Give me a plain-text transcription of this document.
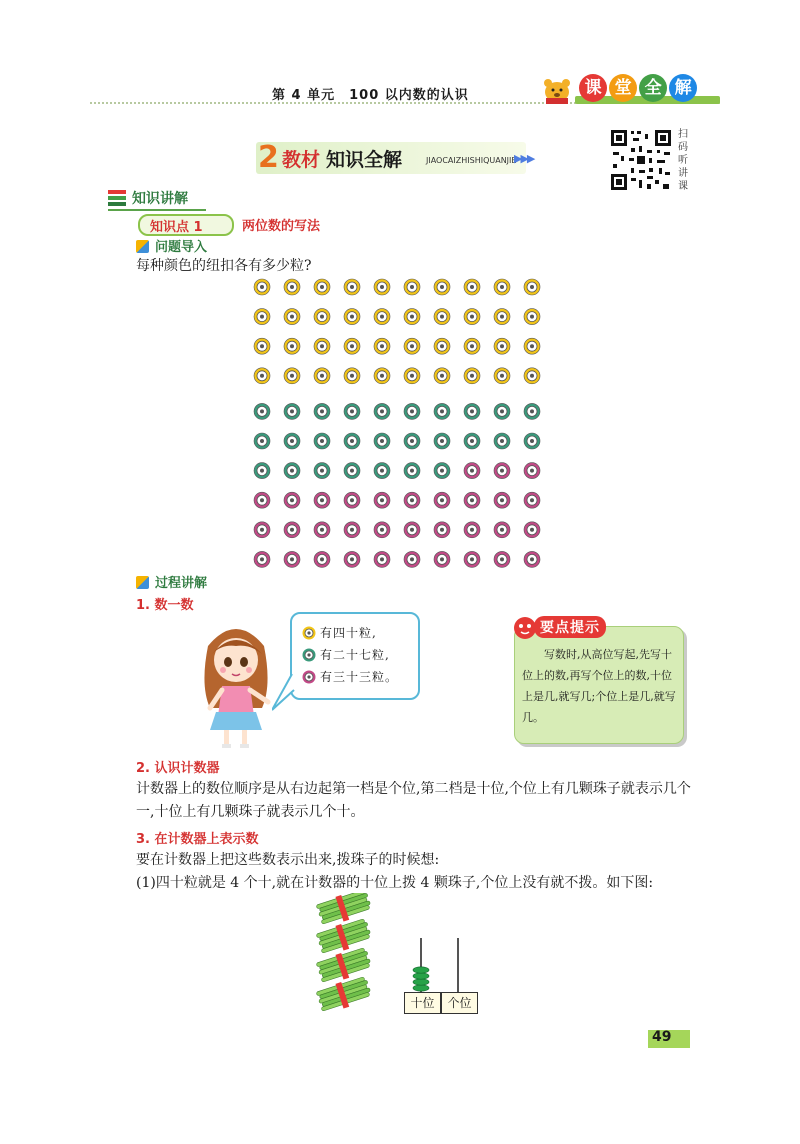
第 4 单元　100 以内数的认识	课 堂 全 解
2 教材 知识全解	JIAOCAIZHISHIQUANJIE
▶▶▶
扫码听讲课
知识讲解
知识点 1	两位数的写法
问题导入
每种颜色的纽扣各有多少粒?
过程讲解
1. 数一数
有四十粒,
有二十七粒,
有三十三粒。
要点提示
写数时,从高位写起,先写十位上的数,再写个位上的数,十位上是几,就写几;个位上是几,就写几。
2. 认识计数器
计数器上的数位顺序是从右边起第一档是个位,第二档是十位,个位上有几颗珠子就表示几个一,十位上有几颗珠子就表示几个十。
3. 在计数器上表示数
要在计数器上把这些数表示出来,拨珠子的时候想:
(1)四十粒就是 4 个十,就在计数器的十位上拨 4 颗珠子,个位上没有就不拨。如下图:
十位	个位
49
